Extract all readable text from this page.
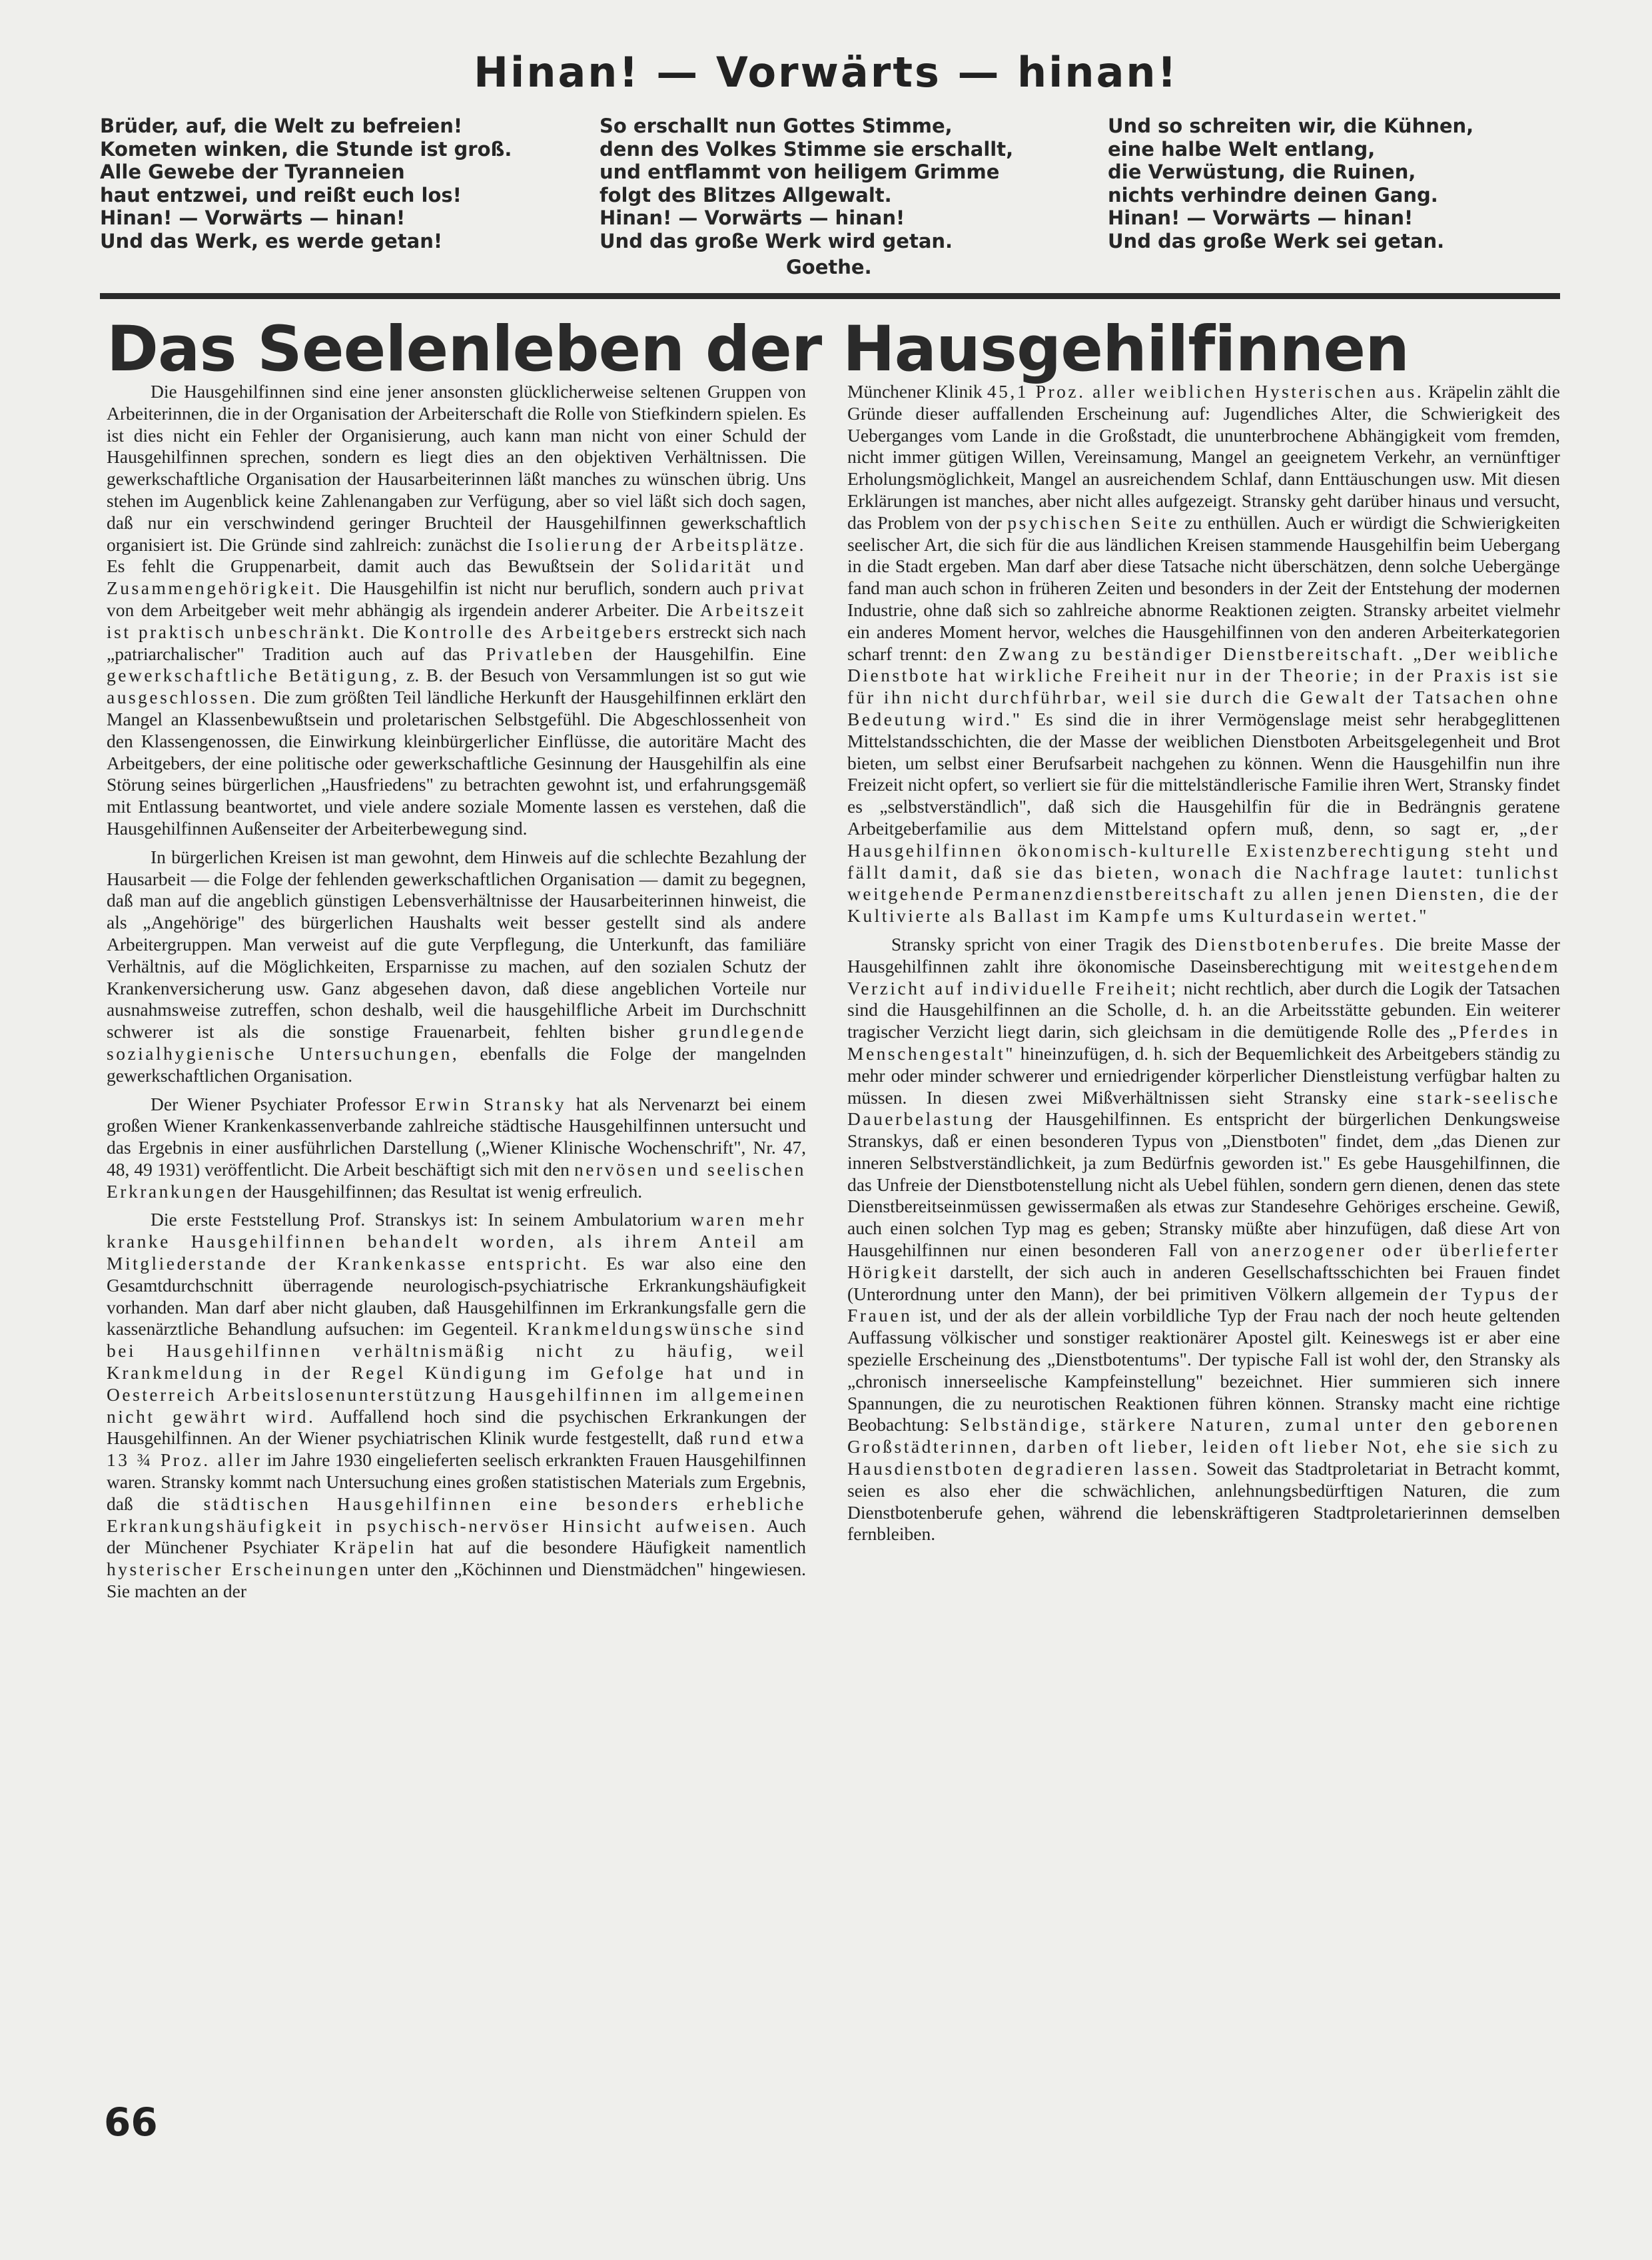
Hinan! — Vorwärts — hinan!
Brüder, auf, die Welt zu befreien!
Kometen winken, die Stunde ist groß.
Alle Gewebe der Tyranneien
haut entzwei, und reißt euch los!
Hinan! — Vorwärts — hinan!
Und das Werk, es werde getan!
So erschallt nun Gottes Stimme,
denn des Volkes Stimme sie erschallt,
und entflammt von heiligem Grimme
folgt des Blitzes Allgewalt.
Hinan! — Vorwärts — hinan!
Und das große Werk wird getan.
Und so schreiten wir, die Kühnen,
eine halbe Welt entlang,
die Verwüstung, die Ruinen,
nichts verhindre deinen Gang.
Hinan! — Vorwärts — hinan!
Und das große Werk sei getan.
Goethe.
Das Seelenleben der Hausgehilfinnen

Die Hausgehilfinnen sind eine jener ansonsten glücklicherweise seltenen Gruppen von Arbeiterinnen, die in der Organisation der Arbeiterschaft die Rolle von Stiefkindern spielen. Es ist dies nicht ein Fehler der Organisierung, auch kann man nicht von einer Schuld der Hausgehilfinnen sprechen, sondern es liegt dies an den objektiven Verhältnissen. Die gewerkschaftliche Organisation der Hausarbeiterinnen läßt manches zu wünschen übrig. Uns stehen im Augenblick keine Zahlenangaben zur Verfügung, aber so viel läßt sich doch sagen, daß nur ein verschwindend geringer Bruchteil der Hausgehilfinnen gewerkschaftlich organisiert ist. Die Gründe sind zahlreich: zunächst die Isolierung der Arbeitsplätze. Es fehlt die Gruppenarbeit, damit auch das Bewußtsein der Solidarität und Zusammengehörigkeit. Die Hausgehilfin ist nicht nur beruflich, sondern auch privat von dem Arbeitgeber weit mehr abhängig als irgendein anderer Arbeiter. Die Arbeitszeit ist praktisch unbeschränkt. Die Kontrolle des Arbeitgebers erstreckt sich nach „patriarchalischer" Tradition auch auf das Privatleben der Hausgehilfin. Eine gewerkschaftliche Betätigung, z. B. der Besuch von Versammlungen ist so gut wie ausgeschlossen. Die zum größten Teil ländliche Herkunft der Hausgehilfinnen erklärt den Mangel an Klassenbewußtsein und proletarischen Selbstgefühl. Die Abgeschlossenheit von den Klassengenossen, die Einwirkung kleinbürgerlicher Einflüsse, die autoritäre Macht des Arbeitgebers, der eine politische oder gewerkschaftliche Gesinnung der Hausgehilfin als eine Störung seines bürgerlichen „Hausfriedens" zu betrachten gewohnt ist, und erfahrungsgemäß mit Entlassung beantwortet, und viele andere soziale Momente lassen es verstehen, daß die Hausgehilfinnen Außenseiter der Arbeiterbewegung sind.

In bürgerlichen Kreisen ist man gewohnt, dem Hinweis auf die schlechte Bezahlung der Hausarbeit — die Folge der fehlenden gewerkschaftlichen Organisation — damit zu begegnen, daß man auf die angeblich günstigen Lebensverhältnisse der Hausarbeiterinnen hinweist, die als „Angehörige" des bürgerlichen Haushalts weit besser gestellt sind als andere Arbeitergruppen. Man verweist auf die gute Verpflegung, die Unterkunft, das familiäre Verhältnis, auf die Möglichkeiten, Ersparnisse zu machen, auf den sozialen Schutz der Krankenversicherung usw. Ganz abgesehen davon, daß diese angeblichen Vorteile nur ausnahmsweise zutreffen, schon deshalb, weil die hausgehilfliche Arbeit im Durchschnitt schwerer ist als die sonstige Frauenarbeit, fehlten bisher grundlegende sozialhygienische Untersuchungen, ebenfalls die Folge der mangelnden gewerkschaftlichen Organisation.

Der Wiener Psychiater Professor Erwin Stransky hat als Nervenarzt bei einem großen Wiener Krankenkassenverbande zahlreiche städtische Hausgehilfinnen untersucht und das Ergebnis in einer ausführlichen Darstellung („Wiener Klinische Wochenschrift", Nr. 47, 48, 49 1931) veröffentlicht. Die Arbeit beschäftigt sich mit den nervösen und seelischen Erkrankungen der Hausgehilfinnen; das Resultat ist wenig erfreulich.

Die erste Feststellung Prof. Stranskys ist: In seinem Ambulatorium waren mehr kranke Hausgehilfinnen behandelt worden, als ihrem Anteil am Mitgliederstande der Krankenkasse entspricht. Es war also eine den Gesamtdurchschnitt überragende neurologisch-psychiatrische Erkrankungshäufigkeit vorhanden. Man darf aber nicht glauben, daß Hausgehilfinnen im Erkrankungsfalle gern die kassenärztliche Behandlung aufsuchen: im Gegenteil. Krankmeldungswünsche sind bei Hausgehilfinnen verhältnismäßig nicht zu häufig, weil Krankmeldung in der Regel Kündigung im Gefolge hat und in Oesterreich Arbeitslosenunterstützung Hausgehilfinnen im allgemeinen nicht gewährt wird. Auffallend hoch sind die psychischen Erkrankungen der Hausgehilfinnen. An der Wiener psychiatrischen Klinik wurde festgestellt, daß rund etwa 13 ¾ Proz. aller im Jahre 1930 eingelieferten seelisch erkrankten Frauen Hausgehilfinnen waren. Stransky kommt nach Untersuchung eines großen statistischen Materials zum Ergebnis, daß die städtischen Hausgehilfinnen eine besonders erhebliche Erkrankungshäufigkeit in psychisch-nervöser Hinsicht aufweisen. Auch der Münchener Psychiater Kräpelin hat auf die besondere Häufigkeit namentlich hysterischer Erscheinungen unter den „Köchinnen und Dienstmädchen" hingewiesen. Sie machten an der

Münchener Klinik 45,1 Proz. aller weiblichen Hysterischen aus. Kräpelin zählt die Gründe dieser auffallenden Erscheinung auf: Jugendliches Alter, die Schwierigkeit des Ueberganges vom Lande in die Großstadt, die ununterbrochene Abhängigkeit vom fremden, nicht immer gütigen Willen, Vereinsamung, Mangel an geeignetem Verkehr, an vernünftiger Erholungsmöglichkeit, Mangel an ausreichendem Schlaf, dann Enttäuschungen usw. Mit diesen Erklärungen ist manches, aber nicht alles aufgezeigt. Stransky geht darüber hinaus und versucht, das Problem von der psychischen Seite zu enthüllen. Auch er würdigt die Schwierigkeiten seelischer Art, die sich für die aus ländlichen Kreisen stammende Hausgehilfin beim Uebergang in die Stadt ergeben. Man darf aber diese Tatsache nicht überschätzen, denn solche Uebergänge fand man auch schon in früheren Zeiten und besonders in der Zeit der Entstehung der modernen Industrie, ohne daß sich so zahlreiche abnorme Reaktionen zeigten. Stransky arbeitet vielmehr ein anderes Moment hervor, welches die Hausgehilfinnen von den anderen Arbeiterkategorien scharf trennt: den Zwang zu beständiger Dienstbereitschaft. „Der weibliche Dienstbote hat wirkliche Freiheit nur in der Theorie; in der Praxis ist sie für ihn nicht durchführbar, weil sie durch die Gewalt der Tatsachen ohne Bedeutung wird." Es sind die in ihrer Vermögenslage meist sehr herabgeglittenen Mittelstandsschichten, die der Masse der weiblichen Dienstboten Arbeitsgelegenheit und Brot bieten, um selbst einer Berufsarbeit nachgehen zu können. Wenn die Hausgehilfin nun ihre Freizeit nicht opfert, so verliert sie für die mittelständlerische Familie ihren Wert, Stransky findet es „selbstverständlich", daß sich die Hausgehilfin für die in Bedrängnis geratene Arbeitgeberfamilie aus dem Mittelstand opfern muß, denn, so sagt er, „der Hausgehilfinnen ökonomisch-kulturelle Existenzberechtigung steht und fällt damit, daß sie das bieten, wonach die Nachfrage lautet: tunlichst weitgehende Permanenzdienstbereitschaft zu allen jenen Diensten, die der Kultivierte als Ballast im Kampfe ums Kulturdasein wertet."

Stransky spricht von einer Tragik des Dienstbotenberufes. Die breite Masse der Hausgehilfinnen zahlt ihre ökonomische Daseinsberechtigung mit weitestgehendem Verzicht auf individuelle Freiheit; nicht rechtlich, aber durch die Logik der Tatsachen sind die Hausgehilfinnen an die Scholle, d. h. an die Arbeitsstätte gebunden. Ein weiterer tragischer Verzicht liegt darin, sich gleichsam in die demütigende Rolle des „Pferdes in Menschengestalt" hineinzufügen, d. h. sich der Bequemlichkeit des Arbeitgebers ständig zu mehr oder minder schwerer und erniedrigender körperlicher Dienstleistung verfügbar halten zu müssen. In diesen zwei Mißverhältnissen sieht Stransky eine stark-seelische Dauerbelastung der Hausgehilfinnen. Es entspricht der bürgerlichen Denkungsweise Stranskys, daß er einen besonderen Typus von „Dienstboten" findet, dem „das Dienen zur inneren Selbstverständlichkeit, ja zum Bedürfnis geworden ist." Es gebe Hausgehilfinnen, die das Unfreie der Dienstbotenstellung nicht als Uebel fühlen, sondern gern dienen, denen das stete Dienstbereitseinmüssen gewissermaßen als etwas zur Standesehre Gehöriges erscheine. Gewiß, auch einen solchen Typ mag es geben; Stransky müßte aber hinzufügen, daß diese Art von Hausgehilfinnen nur einen besonderen Fall von anerzogener oder überlieferter Hörigkeit darstellt, der sich auch in anderen Gesellschaftsschichten bei Frauen findet (Unterordnung unter den Mann), der bei primitiven Völkern allgemein der Typus der Frauen ist, und der als der allein vorbildliche Typ der Frau nach der noch heute geltenden Auffassung völkischer und sonstiger reaktionärer Apostel gilt. Keineswegs ist er aber eine spezielle Erscheinung des „Dienstbotentums". Der typische Fall ist wohl der, den Stransky als „chronisch innerseelische Kampfeinstellung" bezeichnet. Hier summieren sich innere Spannungen, die zu neurotischen Reaktionen führen können. Stransky macht eine richtige Beobachtung: Selbständige, stärkere Naturen, zumal unter den geborenen Großstädterinnen, darben oft lieber, leiden oft lieber Not, ehe sie sich zu Hausdienstboten degradieren lassen. Soweit das Stadtproletariat in Betracht kommt, seien es also eher die schwächlichen, anlehnungsbedürftigen Naturen, die zum Dienstbotenberufe gehen, während die lebenskräftigeren Stadtproletarierinnen demselben fernbleiben.

66
